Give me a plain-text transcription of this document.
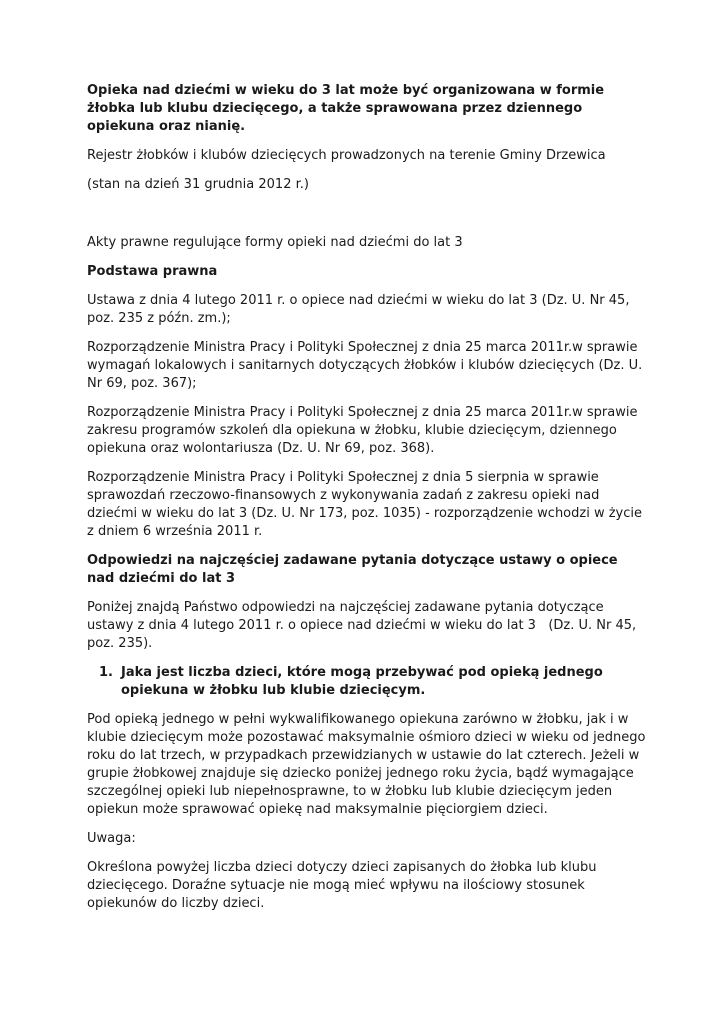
Opieka nad dziećmi w wieku do 3 lat może być organizowana w formie żłobka lub klubu dziecięcego, a także sprawowana przez dziennego opiekuna oraz nianię.

Rejestr żłobków i klubów dziecięcych prowadzonych na terenie Gminy Drzewica

(stan na dzień 31 grudnia 2012 r.)

Akty prawne regulujące formy opieki nad dziećmi do lat 3

Podstawa prawna

Ustawa z dnia 4 lutego 2011 r. o opiece nad dziećmi w wieku do lat 3 (Dz. U. Nr 45, poz. 235 z późn. zm.);

Rozporządzenie Ministra Pracy i Polityki Społecznej z dnia 25 marca 2011r.w sprawie wymagań lokalowych i sanitarnych dotyczących żłobków i klubów dziecięcych (Dz. U. Nr 69, poz. 367);

Rozporządzenie Ministra Pracy i Polityki Społecznej z dnia 25 marca 2011r.w sprawie zakresu programów szkoleń dla opiekuna w żłobku, klubie dziecięcym, dziennego opiekuna oraz wolontariusza (Dz. U. Nr 69, poz. 368).

Rozporządzenie Ministra Pracy i Polityki Społecznej z dnia 5 sierpnia w sprawie sprawozdań rzeczowo-finansowych z wykonywania zadań z zakresu opieki nad dziećmi w wieku do lat 3 (Dz. U. Nr 173, poz. 1035) - rozporządzenie wchodzi w życie z dniem 6 września 2011 r.

Odpowiedzi na najczęściej zadawane pytania dotyczące ustawy o opiece nad dziećmi do lat 3

Poniżej znajdą Państwo odpowiedzi na najczęściej zadawane pytania dotyczące ustawy z dnia 4 lutego 2011 r. o opiece nad dziećmi w wieku do lat 3   (Dz. U. Nr 45, poz. 235).

1. Jaka jest liczba dzieci, które mogą przebywać pod opieką jednego opiekuna w żłobku lub klubie dziecięcym.

Pod opieką jednego w pełni wykwalifikowanego opiekuna zarówno w żłobku, jak i w klubie dziecięcym może pozostawać maksymalnie ośmioro dzieci w wieku od jednego roku do lat trzech, w przypadkach przewidzianych w ustawie do lat czterech. Jeżeli w grupie żłobkowej znajduje się dziecko poniżej jednego roku życia, bądź wymagające szczególnej opieki lub niepełnosprawne, to w żłobku lub klubie dziecięcym jeden opiekun może sprawować opiekę nad maksymalnie pięciorgiem dzieci.

Uwaga:

Określona powyżej liczba dzieci dotyczy dzieci zapisanych do żłobka lub klubu dziecięcego. Doraźne sytuacje nie mogą mieć wpływu na ilościowy stosunek opiekunów do liczby dzieci.
